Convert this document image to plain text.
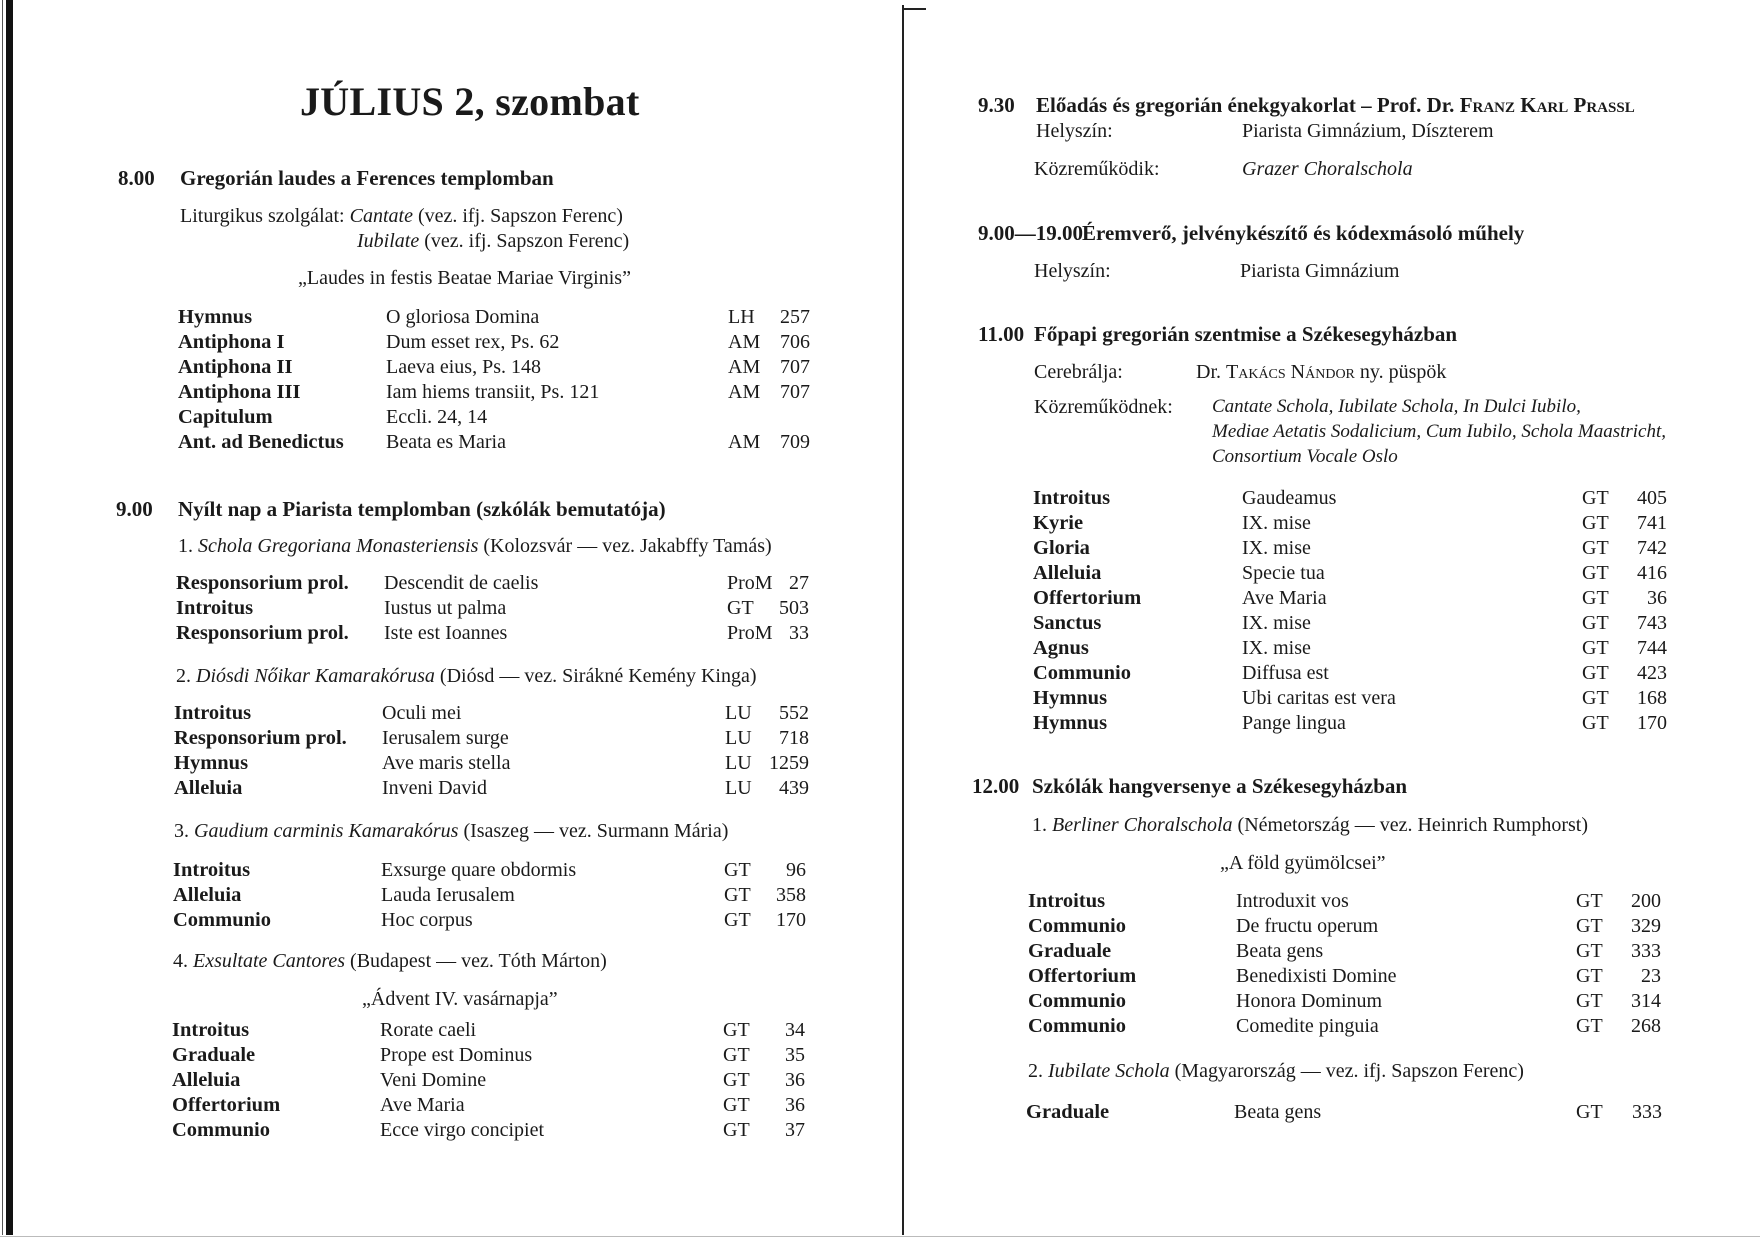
JÚLIUS 2, szombat
8.00 Gregorián laudes a Ferences templomban
Liturgikus szolgálat: Cantate (vez. ifj. Sapszon Ferenc)
Iubilate (vez. ifj. Sapszon Ferenc)
„Laudes in festis Beatae Mariae Virginis”
Hymnus	O gloriosa Domina	LH	257
Antiphona I	Dum esset rex, Ps. 62	AM	706
Antiphona II	Laeva eius, Ps. 148	AM	707
Antiphona III	Iam hiems transiit, Ps. 121	AM	707
Capitulum	Eccli. 24, 14		
Ant. ad Benedictus	Beata es Maria	AM	709
9.00 Nyílt nap a Piarista templomban (szkólák bemutatója)
1. Schola Gregoriana Monasteriensis (Kolozsvár — vez. Jakabffy Tamás)
Responsorium prol.	Descendit de caelis	ProM	27
Introitus	Iustus ut palma	GT	503
Responsorium prol.	Iste est Ioannes	ProM	33
2. Diósdi Nőikar Kamarakórusa (Diósd — vez. Sirákné Kemény Kinga)
Introitus	Oculi mei	LU	552
Responsorium prol.	Ierusalem surge	LU	718
Hymnus	Ave maris stella	LU	1259
Alleluia	Inveni David	LU	439
3. Gaudium carminis Kamarakórus (Isaszeg — vez. Surmann Mária)
Introitus	Exsurge quare obdormis	GT	96
Alleluia	Lauda Ierusalem	GT	358
Communio	Hoc corpus	GT	170
4. Exsultate Cantores (Budapest — vez. Tóth Márton)
„Ádvent IV. vasárnapja”
Introitus	Rorate caeli	GT	34
Graduale	Prope est Dominus	GT	35
Alleluia	Veni Domine	GT	36
Offertorium	Ave Maria	GT	36
Communio	Ecce virgo concipiet	GT	37
9.30 Előadás és gregorián énekgyakorlat – Prof. Dr. Franz Karl Prassl
Helyszín:	Piarista Gimnázium, Díszterem
Közreműködik:	Grazer Choralschola
9.00—19.00 Éremverő, jelvénykészítő és kódexmásoló műhely
Helyszín:	Piarista Gimnázium
11.00 Főpapi gregorián szentmise a Székesegyházban
Cerebrálja:	Dr. Takács Nándor ny. püspök
Közreműködnek: Cantate Schola, Iubilate Schola, In Dulci Iubilo,
Mediae Aetatis Sodalicium, Cum Iubilo, Schola Maastricht,
Consortium Vocale Oslo
Introitus	Gaudeamus	GT	405
Kyrie	IX. mise	GT	741
Gloria	IX. mise	GT	742
Alleluia	Specie tua	GT	416
Offertorium	Ave Maria	GT	36
Sanctus	IX. mise	GT	743
Agnus	IX. mise	GT	744
Communio	Diffusa est	GT	423
Hymnus	Ubi caritas est vera	GT	168
Hymnus	Pange lingua	GT	170
12.00 Szkólák hangversenye a Székesegyházban
1. Berliner Choralschola (Németország — vez. Heinrich Rumphorst)
„A föld gyümölcsei”
Introitus	Introduxit vos	GT	200
Communio	De fructu operum	GT	329
Graduale	Beata gens	GT	333
Offertorium	Benedixisti Domine	GT	23
Communio	Honora Dominum	GT	314
Communio	Comedite pinguia	GT	268
2. Iubilate Schola (Magyarország — vez. ifj. Sapszon Ferenc)
Graduale	Beata gens	GT	333
